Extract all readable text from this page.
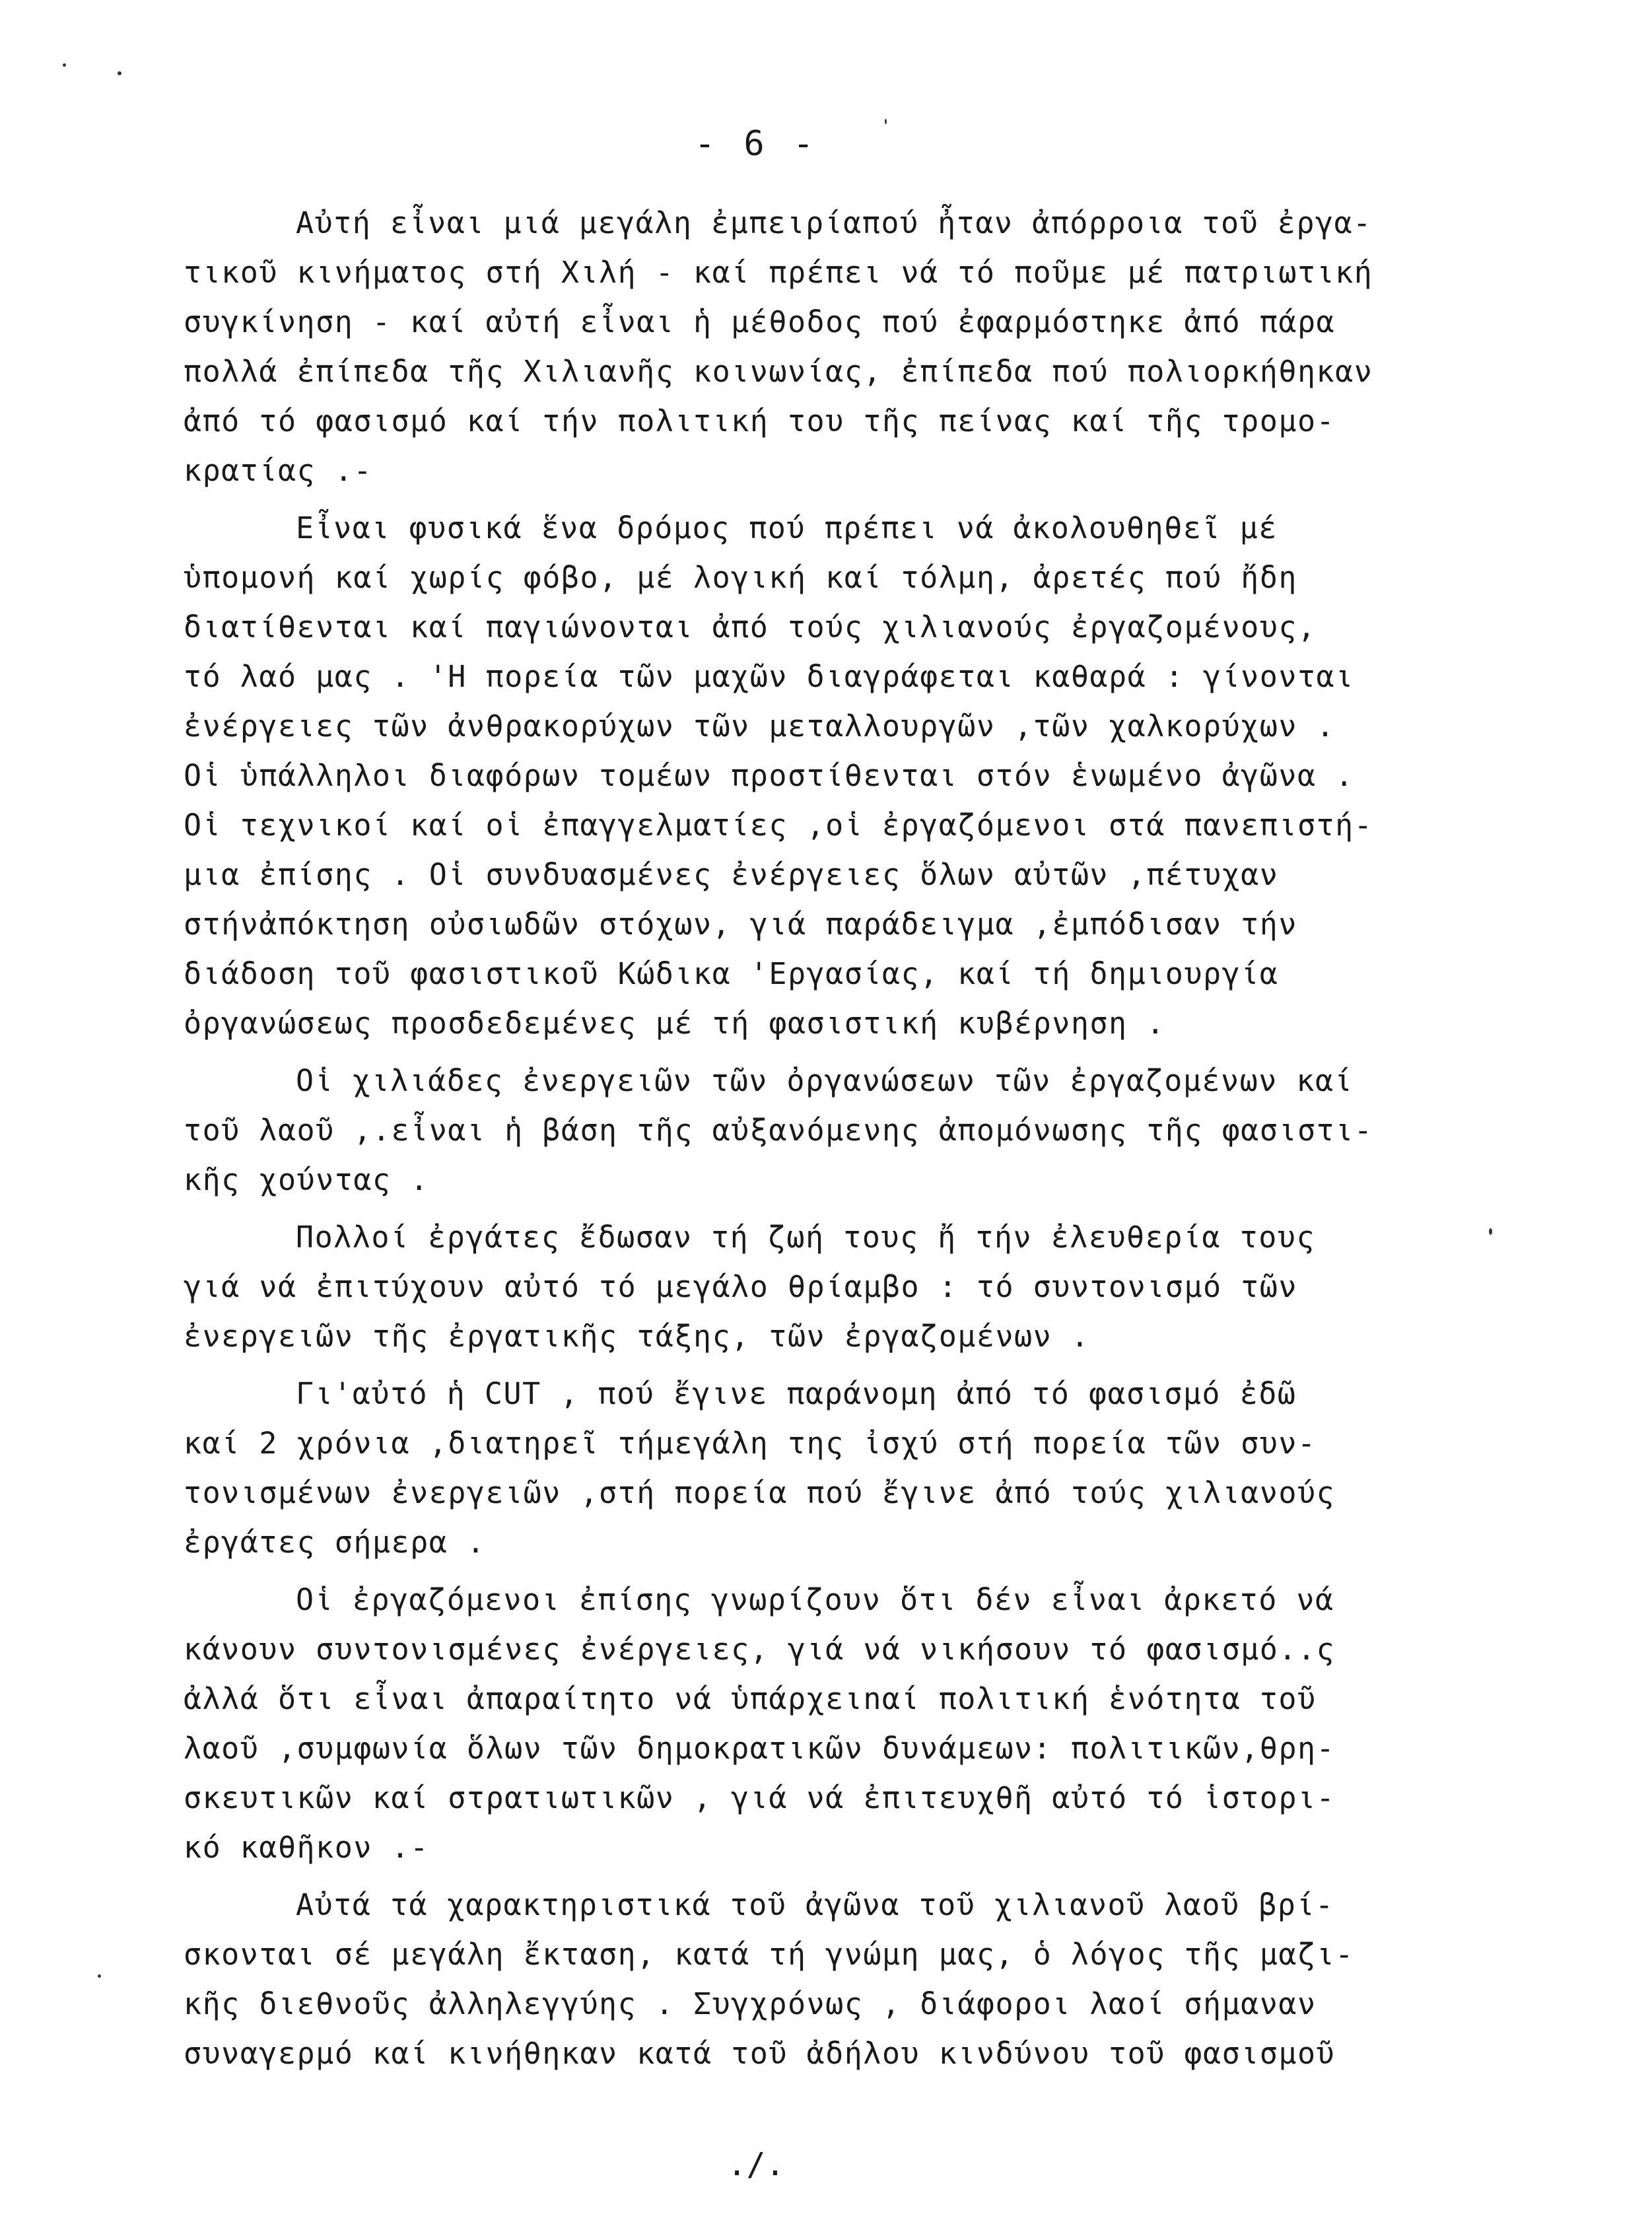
- 6 -
Αὐτή εἶναι μιά μεγάλη ἐμπειρίαπού ἦταν ἀπόρροια τοῦ ἐργα-
τικοῦ κινήματος στή Χιλή - καί πρέπει νά τό ποῦμε μέ πατριωτική
συγκίνηση - καί αὐτή εἶναι ἡ μέθοδος πού ἐφαρμόστηκε ἀπό πάρα
πολλά ἐπίπεδα τῆς Χιλιανῆς κοινωνίας, ἐπίπεδα πού πολιορκήθηκαν
ἀπό τό φασισμό καί τήν πολιτική του τῆς πείνας καί τῆς τρομο-
κρατίας .-
Εἶναι φυσικά ἕνα δρόμος πού πρέπει νά ἀκολουθηθεῖ μέ
ὑπομονή καί χωρίς φόβο, μέ λογική καί τόλμη, ἀρετές πού ἤδη
διατίθενται καί παγιώνονται ἀπό τούς χιλιανούς ἐργαζομένους,
τό λαό μας . 'Η πορεία τῶν μαχῶν διαγράφεται καθαρά : γίνονται
ἐνέργειες τῶν ἀνθρακορύχων τῶν μεταλλουργῶν ,τῶν χαλκορύχων .
Οἱ ὑπάλληλοι διαφόρων τομέων προστίθενται στόν ἑνωμένο ἀγῶνα .
Οἱ τεχνικοί καί οἱ ἐπαγγελματίες ,οἱ ἐργαζόμενοι στά πανεπιστή-
μια ἐπίσης . Οἱ συνδυασμένες ἐνέργειες ὅλων αὐτῶν ,πέτυχαν
στήνἀπόκτηση οὐσιωδῶν στόχων, γιά παράδειγμα ,ἐμπόδισαν τήν
διάδοση τοῦ φασιστικοῦ Κώδικα 'Εργασίας, καί τή δημιουργία
ὀργανώσεως προσδεδεμένες μέ τή φασιστική κυβέρνηση .
Οἱ χιλιάδες ἐνεργειῶν τῶν ὀργανώσεων τῶν ἐργαζομένων καί
τοῦ λαοῦ ,.εἶναι ἡ βάση τῆς αὐξανόμενης ἀπομόνωσης τῆς φασιστι-
κῆς χούντας .
Πολλοί ἐργάτες ἔδωσαν τή ζωή τους ἤ τήν ἐλευθερία τους
γιά νά ἐπιτύχουν αὐτό τό μεγάλο θρίαμβο : τό συντονισμό τῶν
ἐνεργειῶν τῆς ἐργατικῆς τάξης, τῶν ἐργαζομένων .
Γι'αὐτό ἡ CUT , πού ἔγινε παράνομη ἀπό τό φασισμό ἐδῶ
καί 2 χρόνια ,διατηρεῖ τήμεγάλη της ἰσχύ στή πορεία τῶν συν-
τονισμένων ἐνεργειῶν ,στή πορεία πού ἔγινε ἀπό τούς χιλιανούς
ἐργάτες σήμερα .
Οἱ ἐργαζόμενοι ἐπίσης γνωρίζουν ὅτι δέν εἶναι ἀρκετό νά
κάνουν συντονισμένες ἐνέργειες, γιά νά νικήσουν τό φασισμό..ς
ἀλλά ὅτι εἶναι ἀπαραίτητο νά ὑπάρχειnαί πολιτική ἑνότητα τοῦ
λαοῦ ,συμφωνία ὅλων τῶν δημοκρατικῶν δυνάμεων: πολιτικῶν,θρη-
σκευτικῶν καί στρατιωτικῶν , γιά νά ἐπιτευχθῆ αὐτό τό ἱστορι-
κό καθῆκον .-
Αὐτά τά χαρακτηριστικά τοῦ ἀγῶνα τοῦ χιλιανοῦ λαοῦ βρί-
σκονται σέ μεγάλη ἔκταση, κατά τή γνώμη μας, ὁ λόγος τῆς μαζι-
κῆς διεθνοῦς ἀλληλεγγύης . Συγχρόνως , διάφοροι λαοί σήμαναν
συναγερμό καί κινήθηκαν κατά τοῦ ἀδήλου κινδύνου τοῦ φασισμοῦ
./.
